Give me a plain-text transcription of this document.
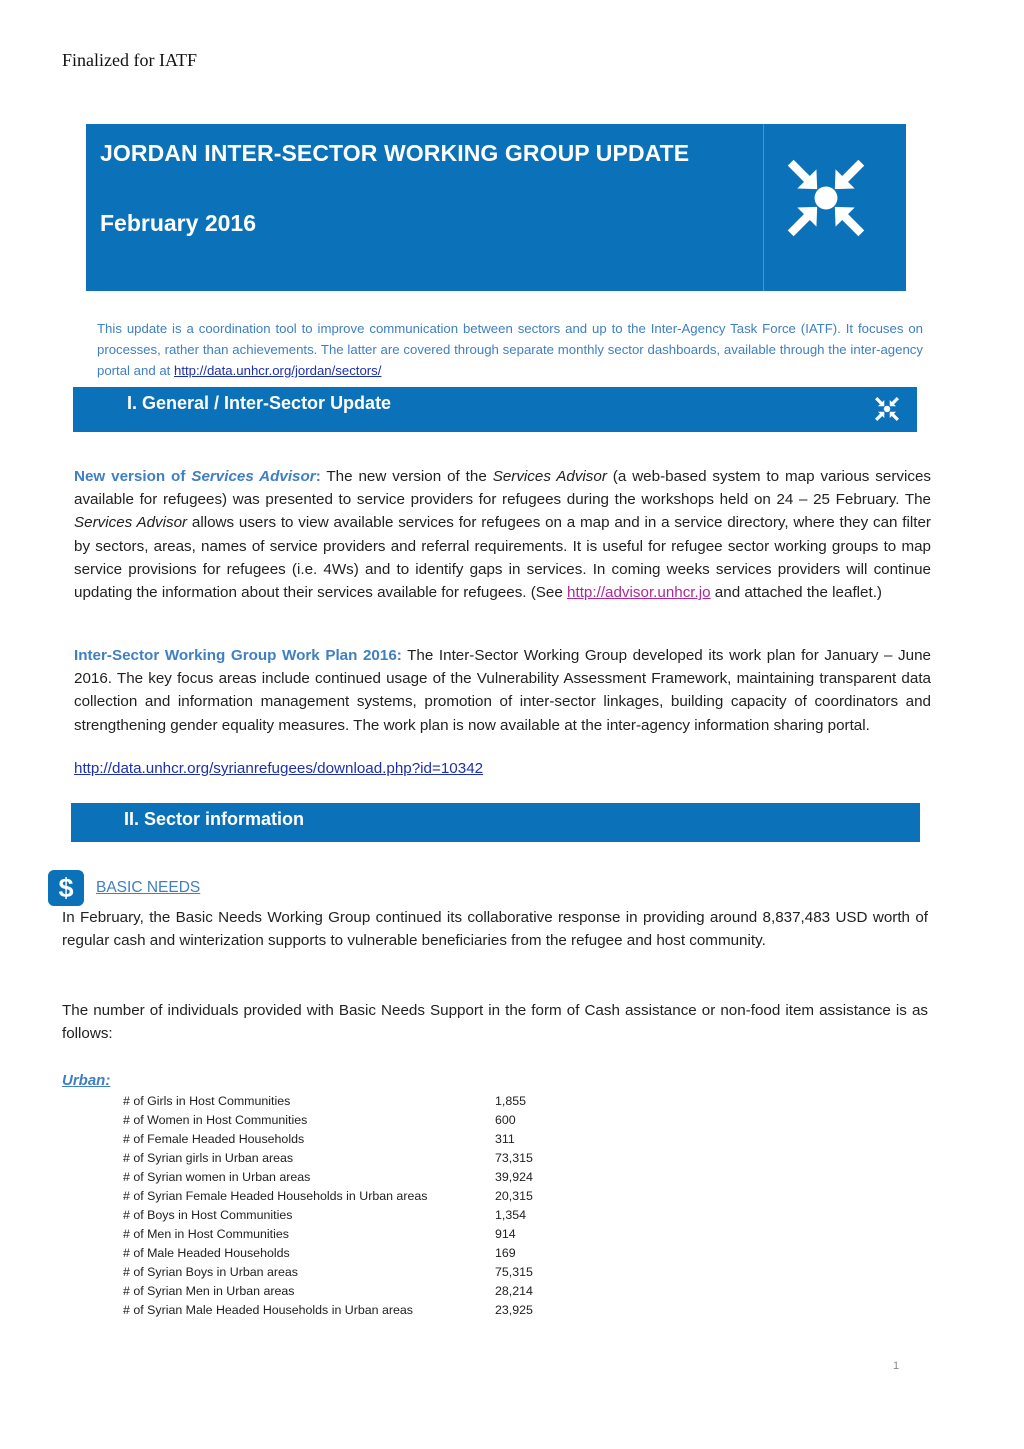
Finalized for IATF
JORDAN INTER-SECTOR WORKING GROUP UPDATE
February 2016
This update is a coordination tool to improve communication between sectors and up to the Inter-Agency Task Force (IATF). It focuses on processes, rather than achievements. The latter are covered through separate monthly sector dashboards, available through the inter-agency portal and at http://data.unhcr.org/jordan/sectors/
I. General / Inter-Sector Update
New version of Services Advisor: The new version of the Services Advisor (a web-based system to map various services available for refugees) was presented to service providers for refugees during the workshops held on 24 – 25 February. The Services Advisor allows users to view available services for refugees on a map and in a service directory, where they can filter by sectors, areas, names of service providers and referral requirements. It is useful for refugee sector working groups to map service provisions for refugees (i.e. 4Ws) and to identify gaps in services. In coming weeks services providers will continue updating the information about their services available for refugees. (See http://advisor.unhcr.jo and attached the leaflet.)
Inter-Sector Working Group Work Plan 2016: The Inter-Sector Working Group developed its work plan for January – June 2016. The key focus areas include continued usage of the Vulnerability Assessment Framework, maintaining transparent data collection and information management systems, promotion of inter-sector linkages, building capacity of coordinators and strengthening gender equality measures. The work plan is now available at the inter-agency information sharing portal.
http://data.unhcr.org/syrianrefugees/download.php?id=10342
II. Sector information
$	BASIC NEEDS
In February, the Basic Needs Working Group continued its collaborative response in providing around 8,837,483 USD worth of regular cash and winterization supports to vulnerable beneficiaries from the refugee and host community.
The number of individuals provided with Basic Needs Support in the form of Cash assistance or non-food item assistance is as follows:
Urban:
# of Girls in Host Communities	1,855
# of Women in Host Communities	600
# of Female Headed Households	311
# of Syrian girls in Urban areas	73,315
# of Syrian women in Urban areas	39,924
# of Syrian Female Headed Households in Urban areas	20,315
# of Boys in Host Communities	1,354
# of Men in Host Communities	914
# of Male Headed Households	169
# of Syrian Boys in Urban areas	75,315
# of Syrian Men in Urban areas	28,214
# of Syrian Male Headed Households in Urban areas	23,925
1
